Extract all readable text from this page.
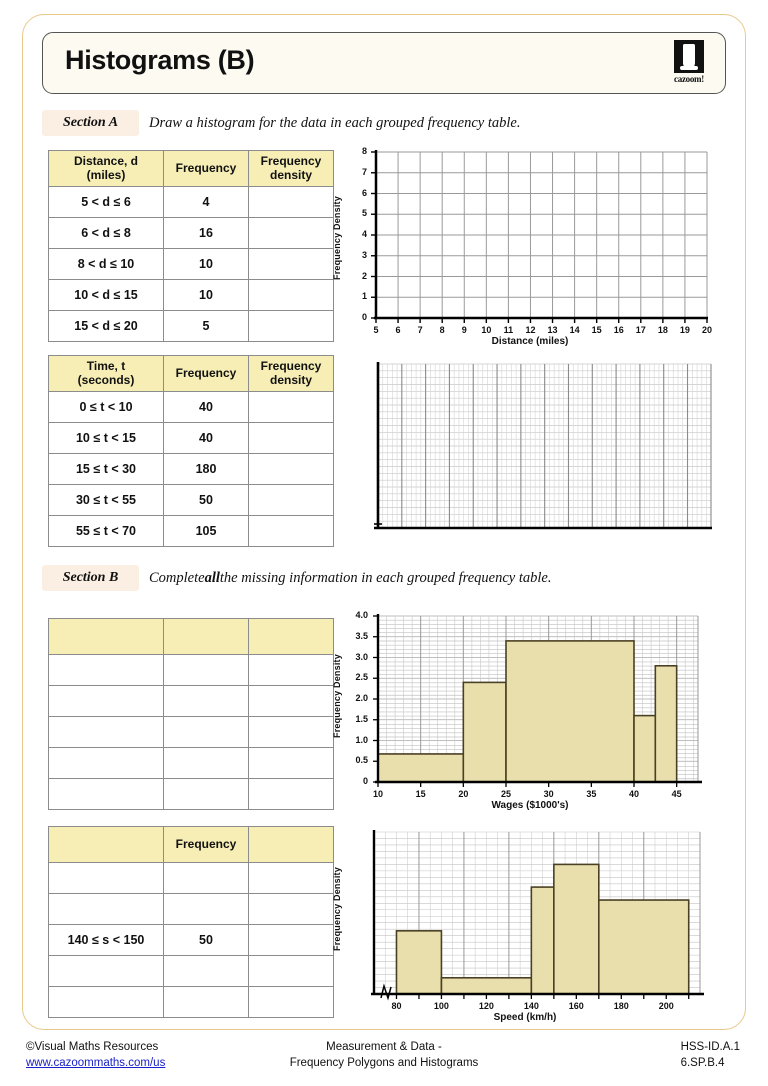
Histograms (B)
cazoom!
Section A	Draw a histogram for the data in each grouped frequency table.
Distance, d
(miles)	Frequency	Frequency
density

5 < d ≤ 6	4	
6 < d ≤ 8	16	
8 < d ≤ 10	10	
10 < d ≤ 15	10	
15 < d ≤ 20	5	
Frequency Density
8
7
6
5
4
3
2
1
0
5	6	7	8	9	10	11	12	13	14	15	16	17	18	19	20
Distance (miles)
Time, t
(seconds)	Frequency	Frequency
density

0 ≤ t < 10	40	
10 ≤ t < 15	40	
15 ≤ t < 30	180	
30 ≤ t < 55	50	
55 ≤ t < 70	105	
Section B	Complete all the missing information in each grouped frequency table.

Frequency Density
4.0
3.5
3.0
2.5
2.0
1.5
1.0
0.5
0
10	15	20	25	30	35	40	45
Wages ($1000's)
	Frequency	

140 ≤ s < 150	50	

			Frequency Density
80	100	120	140	160	180	200
Speed (km/h)
©Visual Maths Resources
www.cazoommaths.com/us
Measurement & Data -
Frequency Polygons and Histograms
HSS-ID.A.1
6.SP.B.4
